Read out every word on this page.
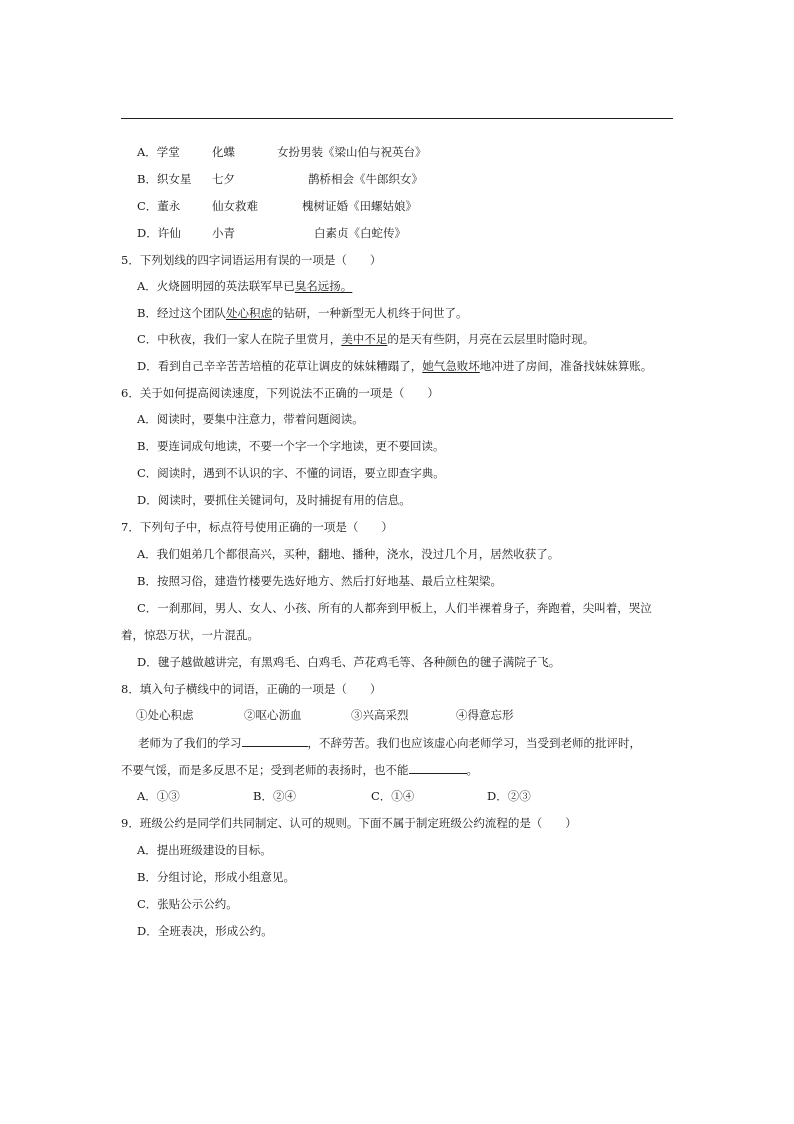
A．学堂	化蝶	女扮男装《梁山伯与祝英台》
B．织女星 七夕	鹊桥相会《牛郎织女》
C．董永	仙女救难	槐树证婚《田螺姑娘》
D．许仙	小青	白素贞《白蛇传》
5．下列划线的四字词语运用有误的一项是（　　）
A．火烧圆明园的英法联军早已臭名远扬。
B．经过这个团队处心积虑的钻研，一种新型无人机终于问世了。
C．中秋夜，我们一家人在院子里赏月，美中不足的是天有些阴，月亮在云层里时隐时现。
D．看到自己辛辛苦苦培植的花草让调皮的妹妹糟蹋了，她气急败坏地冲进了房间，准备找妹妹算账。
6．关于如何提高阅读速度，下列说法不正确的一项是（　　）
A．阅读时，要集中注意力，带着问题阅读。
B．要连词成句地读，不要一个字一个字地读，更不要回读。
C．阅读时，遇到不认识的字、不懂的词语，要立即查字典。
D．阅读时，要抓住关键词句，及时捕捉有用的信息。
7．下列句子中，标点符号使用正确的一项是（　　）
A．我们姐弟几个都很高兴，买种，翻地、播种，浇水，没过几个月，居然收获了。
B．按照习俗，建造竹楼要先选好地方、然后打好地基、最后立柱架梁。
C．一刹那间，男人、女人、小孩、所有的人都奔到甲板上，人们半裸着身子，奔跑着，尖叫着，哭泣
着，惊恐万状，一片混乱。
D．毽子越做越讲完，有黑鸡毛、白鸡毛、芦花鸡毛等、各种颜色的毽子满院子飞。
8．填入句子横线中的词语，正确的一项是（　　）
①处心积虑	②呕心沥血	③兴高采烈	④得意忘形
老师为了我们的学习	，不辞劳苦。我们也应该虚心向老师学习，当受到老师的批评时，
不要气馁，而是多反思不足；受到老师的表扬时，也不能	。
A．①③	B．②④	C．①④	D．②③
9．班级公约是同学们共同制定、认可的规则。下面不属于制定班级公约流程的是（　　）
A．提出班级建设的目标。
B．分组讨论，形成小组意见。
C．张贴公示公约。
D．全班表决，形成公约。
